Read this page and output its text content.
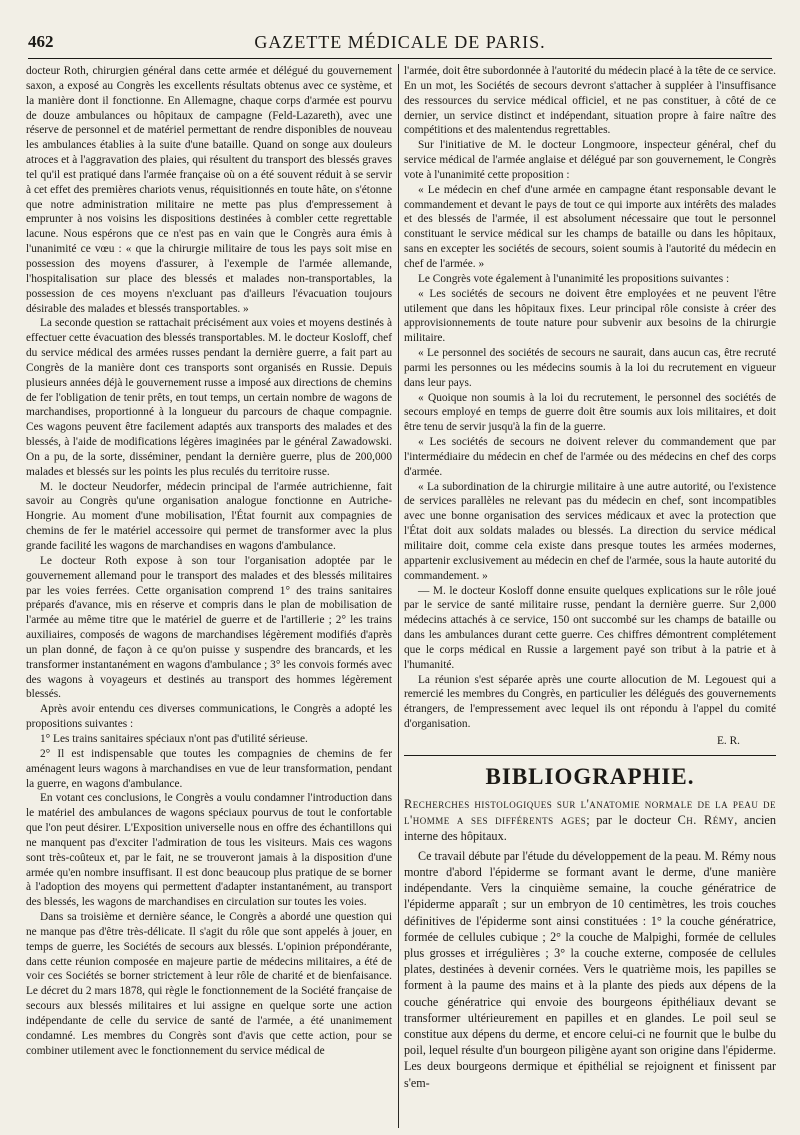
462	GAZETTE MÉDICALE DE PARIS.

docteur Roth, chirurgien général dans cette armée et délégué du gouvernement saxon, a exposé au Congrès les excellents résultats obtenus avec ce système, et la manière dont il fonctionne. En Allemagne, chaque corps d'armée est pourvu de douze ambulances ou hôpitaux de campagne (Feld-Lazareth), avec une réserve de personnel et de matériel permettant de rendre disponibles de nouveau les ambulances établies à la suite d'une bataille. Quand on songe aux douleurs atroces et à l'aggravation des plaies, qui résultent du transport des blessés graves tel qu'il est pratiqué dans l'armée française où on a été souvent réduit à se servir à cet effet des premières chariots venus, réquisitionnés en toute hâte, on s'étonne que notre administration militaire ne mette pas plus d'empressement à emprunter à nos voisins les dispositions destinées à combler cette regrettable lacune. Nous espérons que ce n'est pas en vain que le Congrès aura émis à l'unanimité ce vœu : « que la chirurgie militaire de tous les pays soit mise en possession des moyens d'assurer, à l'exemple de l'armée allemande, l'hospitalisation sur place des blessés et malades non-transportables, la possession de ces moyens n'excluant pas d'ailleurs l'évacuation toujours désirable des malades et blessés transportables. »

La seconde question se rattachait précisément aux voies et moyens destinés à effectuer cette évacuation des blessés transportables. M. le docteur Kosloff, chef du service médical des armées russes pendant la dernière guerre, a fait part au Congrès de la manière dont ces transports sont organisés en Russie. Depuis plusieurs années déjà le gouvernement russe a imposé aux directions de chemins de fer l'obligation de tenir prêts, en tout temps, un certain nombre de wagons de marchandises, proportionné à la longueur du parcours de chaque compagnie. Ces wagons peuvent être facilement adaptés aux transports des malades et des blessés, à l'aide de modifications légères imaginées par le général Zawadowski. On a pu, de la sorte, disséminer, pendant la dernière guerre, plus de 200,000 malades et blessés sur les points les plus reculés du territoire russe.

M. le docteur Neudorfer, médecin principal de l'armée autrichienne, fait savoir au Congrès qu'une organisation analogue fonctionne en Autriche-Hongrie. Au moment d'une mobilisation, l'État fournit aux compagnies de chemins de fer le matériel accessoire qui permet de transformer avec la plus grande facilité les wagons de marchandises en wagons d'ambulance.

Le docteur Roth expose à son tour l'organisation adoptée par le gouvernement allemand pour le transport des malades et des blessés militaires par les voies ferrées. Cette organisation comprend 1° des trains sanitaires préparés d'avance, mis en réserve et compris dans le plan de mobilisation de l'armée au même titre que le matériel de guerre et de l'artillerie ; 2° les trains auxiliaires, composés de wagons de marchandises légèrement modifiés d'après un plan donné, de façon à ce qu'on puisse y suspendre des brancards, et les transformer instantanément en wagons d'ambulance ; 3° les convois formés avec des wagons à voyageurs et destinés au transport des hommes légèrement blessés.

Après avoir entendu ces diverses communications, le Congrès a adopté les propositions suivantes :

1° Les trains sanitaires spéciaux n'ont pas d'utilité sérieuse.

2° Il est indispensable que toutes les compagnies de chemins de fer aménagent leurs wagons à marchandises en vue de leur transformation, pendant la guerre, en wagons d'ambulance.

En votant ces conclusions, le Congrès a voulu condamner l'introduction dans le matériel des ambulances de wagons spéciaux pourvus de tout le confortable que l'on peut désirer. L'Exposition universelle nous en offre des échantillons qui ne manquent pas d'exciter l'admiration de tous les visiteurs. Mais ces wagons sont très-coûteux et, par le fait, ne se trouveront jamais à la disposition d'une armée qu'en nombre insuffisant. Il est donc beaucoup plus pratique de se borner à l'adoption des moyens qui permettent d'adapter instantanément, au transport des blessés, les wagons de marchandises en circulation sur toutes les voies.

Dans sa troisième et dernière séance, le Congrès a abordé une question qui ne manque pas d'être très-délicate. Il s'agit du rôle que sont appelés à jouer, en temps de guerre, les Sociétés de secours aux blessés. L'opinion prépondérante, dans cette réunion composée en majeure partie de médecins militaires, a été de voir ces Sociétés se borner strictement à leur rôle de charité et de bienfaisance. Le décret du 2 mars 1878, qui règle le fonctionnement de la Société française de secours aux blessés militaires et lui assigne en quelque sorte une action indépendante de celle du service de santé de l'armée, a été unanimement condamné. Les membres du Congrès sont d'avis que cette action, pour se combiner utilement avec le fonctionnement du service médical de

l'armée, doit être subordonnée à l'autorité du médecin placé à la tête de ce service. En un mot, les Sociétés de secours devront s'attacher à suppléer à l'insuffisance des ressources du service médical officiel, et ne pas constituer, à côté de ce dernier, un service distinct et indépendant, situation propre à faire naître des compétitions et des malentendus regrettables.

Sur l'initiative de M. le docteur Longmoore, inspecteur général, chef du service médical de l'armée anglaise et délégué par son gouvernement, le Congrès vote à l'unanimité cette proposition :

« Le médecin en chef d'une armée en campagne étant responsable devant le commandement et devant le pays de tout ce qui importe aux intérêts des malades et des blessés de l'armée, il est absolument nécessaire que tout le personnel constituant le service médical sur les champs de bataille ou dans les hôpitaux, sans en excepter les sociétés de secours, soient soumis à l'autorité du médecin en chef de l'armée. »

Le Congrès vote également à l'unanimité les propositions suivantes :

« Les sociétés de secours ne doivent être employées et ne peuvent l'être utilement que dans les hôpitaux fixes. Leur principal rôle consiste à créer des approvisionnements de toute nature pour subvenir aux besoins de la chirurgie militaire.

« Le personnel des sociétés de secours ne saurait, dans aucun cas, être recruté parmi les personnes ou les médecins soumis à la loi du recrutement en vigueur dans leur pays.

« Quoique non soumis à la loi du recrutement, le personnel des sociétés de secours employé en temps de guerre doit être soumis aux lois militaires, et doit être tenu de servir jusqu'à la fin de la guerre.

« Les sociétés de secours ne doivent relever du commandement que par l'intermédiaire du médecin en chef de l'armée ou des médecins en chef des corps d'armée.

« La subordination de la chirurgie militaire à une autre autorité, ou l'existence de services parallèles ne relevant pas du médecin en chef, sont incompatibles avec une bonne organisation des services médicaux et avec la protection que l'État doit aux soldats malades ou blessés. La direction du service médical militaire doit, comme cela existe dans presque toutes les armées modernes, appartenir exclusivement au médecin en chef de l'armée, sous la haute autorité du commandement. »

— M. le docteur Kosloff donne ensuite quelques explications sur le rôle joué par le service de santé militaire russe, pendant la dernière guerre. Sur 2,000 médecins attachés à ce service, 150 ont succombé sur les champs de bataille ou dans les ambulances durant cette guerre. Ces chiffres démontrent complétement que le corps médical en Russie a largement payé son tribut à la patrie et à l'humanité.

La réunion s'est séparée après une courte allocution de M. Legouest qui a remercié les membres du Congrès, en particulier les délégués des gouvernements étrangers, de l'empressement avec lequel ils ont répondu à l'appel du comité d'organisation.

E. R.
BIBLIOGRAPHIE.

Recherches histologiques sur l'anatomie normale de la peau de l'homme a ses différents ages; par le docteur Ch. Rémy, ancien interne des hôpitaux.

Ce travail débute par l'étude du développement de la peau. M. Rémy nous montre d'abord l'épiderme se formant avant le derme, d'une manière indépendante. Vers la cinquième semaine, la couche génératrice de l'épiderme apparaît ; sur un embryon de 10 centimètres, les trois couches définitives de l'épiderme sont ainsi constituées : 1° la couche génératrice, formée de cellules cubique ; 2° la couche de Malpighi, formée de cellules plus grosses et irrégulières ; 3° la couche externe, composée de cellules plates, destinées à devenir cornées. Vers le quatrième mois, les papilles se forment à la paume des mains et à la plante des pieds aux dépens de la couche génératrice qui envoie des bourgeons épithéliaux devant se transformer ultérieurement en papilles et en glandes. Le poil seul se constitue aux dépens du derme, et encore celui-ci ne fournit que le bulbe du poil, lequel résulte d'un bourgeon piligène ayant son origine dans l'épiderme. Les deux bourgeons dermique et épithélial se rejoignent et finissent par s'em-
